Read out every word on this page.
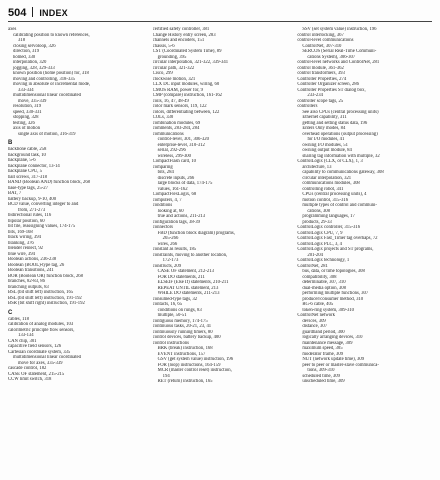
504 INDEX
axes
calibrating position to known references,
318
closing servoloop, 326
direction, 319
homed, 330
interpolation, 320
jogging, 328, 329-333
known position (home position) for, 318
moving and controlling, 318-335
moving in absolute or incremental mode,
333-334
multidimensional linear coordinated
move, 335-339
resolution, 319
speed, 330-331
stopping, 328
testing, 326
axis of motion
single axis of motion, 316-319
B
backbone cable, 258
background task, 10
backplane, 5-6
backplane connector, 13-14
backplane CPU, 5
ball screws, 317-318
BAND (Boolean AND) function block, 268
base-type tags, 25-27
BAT, 7
battery backup, 9-10, 400
BCD value, converting integer to and
from, 271-273
bidirectional rules, 116
bipolar position, 60
bit file, reassigning values, 174-175
bits, 169-168
black wiring, 394
blanking, 376
blender renlect, 92
blue wire, 394
Boolean actions, 236-238
Boolean (BOOL)-type tag, 26
Boolean transitions, 241
BOR (Boolean OR) function block, 268
branches, 82-83, 86
branching outputs, 83
BSL (bit shift left) instruction, 165
BSL (bit shift left) instruction, 191-192
BSR (bit shift right) instruction, 191-192
C
cables, 118
calibration of analog modules, 103
calorimetric principle flow sensors,
133-134
CAN chip, 301
capacitive field sensors, 126
Cartesian coordinate system, 335
multidimensional linear coordinated
move for axes, 335-339
cascade control, 182
CASE OF statement, 215-215
CCW limit switch, 318
certified safety controller, 381
Change History entry screen, 283
channels and encoders, 151
chassis, 5-6
CST (Coordinated System Time), 89
grounding, 395
circular interpolation, 321-322, 339-341
circular path, 321-322
Cisco, 299
clockwise motion, 321
CLX DC input modules, wiring, 60
CMOS RAM, power for, 9
CMP (compare) instruction, 161-162
coils, 16, 47, 48-49
color mark sensors, 119, 122
colors, differentiating between, 122
COLs, 330
combination modules, 69
comments, 283-284, 284
communications
control-level, 301, 306-320
enterprise-level, 310-312
serial, 292-296
wireless, 299-300
CompactFlash card, 10
comparing
bits, 284
discrete inputs, 266
large blocks of data, 174-175
values, 161-162
CompactFlexLogix, 68
computers, 4, 7
conditions
looking at, 60
true and actions, 211-213
configuration tags, 38-39
connectors
FBD (function block diagram) programs,
265-266
wires, 266
constant as results, 185
constraints, moving to another location,
172-173
constructs, 209
CASE OF statement, 212-213
FOR DO statements, 211
ELSEIF (Else If) statements, 210-211
REPEAT UNTIL statement, 213
WHILE DO statements, 211-213
consumed-type tags, 32
contacts, 16, 65
conditions on rungs, 83
multiple, 50-51
contiguous memory, 174-175
continuous tasks, 20-21, 23, 41
continuously running timers, 80
control devices, battery backup, 400
control instructions
BRK (break) instruction, 168
EVENT instructions, 157
GSV (get system value) instruction, 196
FOR (loop) instructions, 164-159
MCR (master control reset) instruction,
194
RET (return) instruction, 165
SSV (set system value) instruction, 196
control interlocking, 367
control-level communications
ControlNet, 307-310
SERCOS (Serial Real-Time Communi-
cations System), 306-307
control-level networks and ControlNet, 281
control module, 361-362
control transformers, 393
Controller Properties, 274
Controller Organizer screen, 286
Controller Properties ST dialog box,
233-234
controller scope tags, 25
controllers
See also CPUs (central processing units)
Ethernet capability, 311
getting and setting status data, 196
Enters Only modes, 84
overhead operations (output processing)
for I/O modules, 41
owning I/O modules, 51
owning output module, 84
sharing tag information with multiple, 32
ControlLogix (CLX, or CLX), 1, 3
architecture, 13
capability to communications gateway, 308
circular interpolation, 321
communications modules, 308
controlling robot, 341
CPUs (central processing units), 4
motion control, 315-316
multiple types of control and communi-
cations, 308
programming languages, 17
products, 29-33
ControlLogix controller, 315-316
ControlLogix CPU, 7, 9
ControlLogix Fast_Timer tag overhaps, 72
ControlLogix PLC, 3, 4
ControlLogix projects and ST programs,
201-204
ControlLogix technology, 1
ControlNet, 281
bus, data, or time topologies, 308
compatibility, 308
determinable, 307, 310
dual-media option, 308
performing multiple functions, 307
producer/consumer method, 310
RG-6 cable, 405
token-ring system, 309-310
ControlNet network
devices, 309
distance, 307
guardband period, 300
logically arranging devices, 310
maintenance message, 309
maximum speed, 305
moderator frame, 309
NUT (network update time), 309
peer to peer or master-slave communica-
tions, 309-310
scheduled time, 309
unscheduled time, 309
